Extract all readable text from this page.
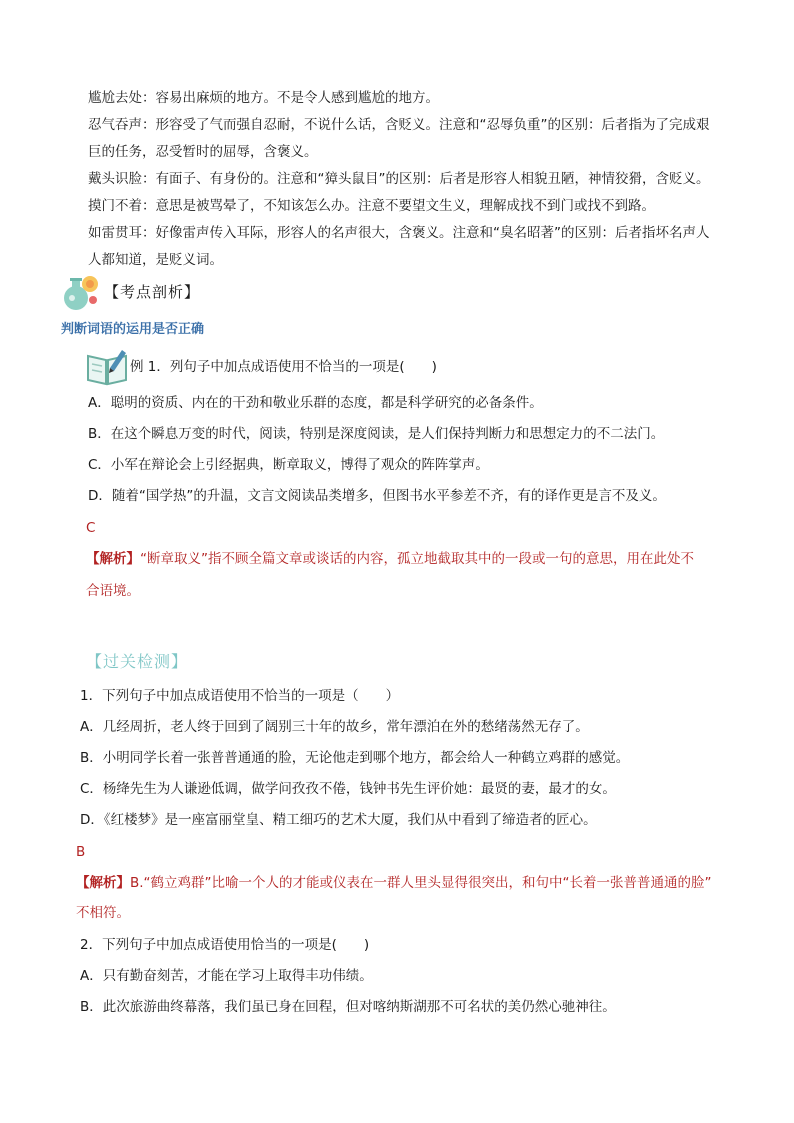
尴尬去处：容易出麻烦的地方。不是令人感到尴尬的地方。
忍气吞声：形容受了气而强自忍耐，不说什么话，含贬义。注意和“忍辱负重”的区别：后者指为了完成艰
巨的任务，忍受暂时的屈辱，含褒义。
戴头识脸：有面子、有身份的。注意和“獐头鼠目”的区别：后者是形容人相貌丑陋，神情狡猾，含贬义。
摸门不着：意思是被骂晕了，不知该怎么办。注意不要望文生义，理解成找不到门或找不到路。
如雷贯耳：好像雷声传入耳际，形容人的名声很大，含褒义。注意和“臭名昭著”的区别：后者指坏名声人
人都知道，是贬义词。
【考点剖析】
判断词语的运用是否正确
例 1．列句子中加点成语使用不恰当的一项是(　　)
A．聪明的资质、内在的干劲和敬业乐群的态度，都是科学研究的必备条件。
B．在这个瞬息万变的时代，阅读，特别是深度阅读，是人们保持判断力和思想定力的不二法门。
C．小军在辩论会上引经据典，断章取义，博得了观众的阵阵掌声。
D．随着“国学热”的升温，文言文阅读品类增多，但图书水平参差不齐，有的译作更是言不及义。
C
【解析】“断章取义”指不顾全篇文章或谈话的内容，孤立地截取其中的一段或一句的意思，用在此处不
合语境。
【过关检测】
1．下列句子中加点成语使用不恰当的一项是（　　）
A．几经周折，老人终于回到了阔别三十年的故乡，常年漂泊在外的愁绪荡然无存了。
B．小明同学长着一张普普通通的脸，无论他走到哪个地方，都会给人一种鹤立鸡群的感觉。
C．杨绛先生为人谦逊低调，做学问孜孜不倦，钱钟书先生评价她：最贤的妻，最才的女。
D．《红楼梦》是一座富丽堂皇、精工细巧的艺术大厦，我们从中看到了缔造者的匠心。
B
【解析】B.“鹤立鸡群”比喻一个人的才能或仪表在一群人里头显得很突出，和句中“长着一张普普通通的脸”
不相符。
2．下列句子中加点成语使用恰当的一项是(　　)
A．只有勤奋刻苦，才能在学习上取得丰功伟绩。
B．此次旅游曲终幕落，我们虽已身在回程，但对喀纳斯湖那不可名状的美仍然心驰神往。
